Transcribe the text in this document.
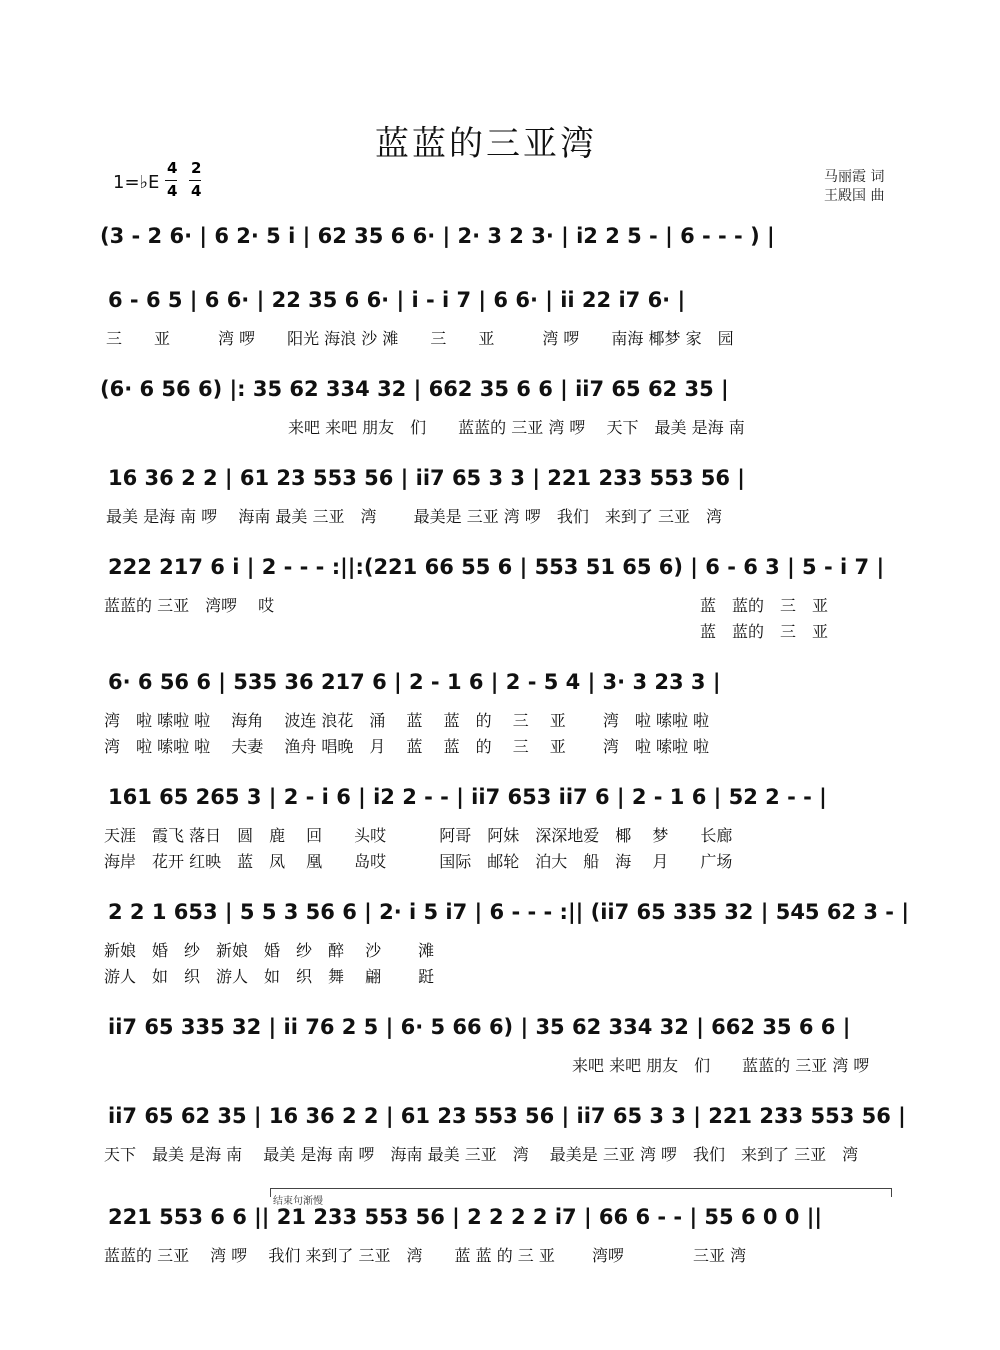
蓝蓝的三亚湾
1=♭E
4
4
2
4
马丽霞 词
王殿国 曲
(3 - 2 6· | 6 2· 5 i | 62 35 6 6· | 2· 3 2 3· | i2 2 5 - | 6 - - - ) |
6 - 6 5 | 6 6· | 22 35 6 6· | i - i 7 | 6 6· | ii 22 i7 6· |
三　　亚　　　湾 啰　　阳光 海浪 沙 滩　　三　　亚　　　湾 啰　　南海 椰梦 家　园
(6· 6 56 6) |: 35 62 334 32 | 662 35 6 6 | ii7 65 62 35 |
来吧 来吧 朋友　们　　蓝蓝的 三亚 湾 啰　 天下　最美 是海 南
16 36 2 2 | 61 23 553 56 | ii7 65 3 3 | 221 233 553 56 |
最美 是海 南 啰　 海南 最美 三亚　湾　　 最美是 三亚 湾 啰　我们　来到了 三亚　湾
222 217 6 i | 2 - - - :||:(221 66 55 6 | 553 51 65 6) | 6 - 6 3 | 5 - i 7 |
蓝蓝的 三亚　湾啰　 哎	蓝　蓝的　三　亚
蓝　蓝的　三　亚
6· 6 56 6 | 535 36 217 6 | 2 - 1 6 | 2 - 5 4 | 3· 3 23 3 |
湾　啦 嗦啦 啦　 海角　 波连 浪花　涌　 蓝　 蓝　的　 三　 亚　　 湾　啦 嗦啦 啦
湾　啦 嗦啦 啦　 夫妻　 渔舟 唱晚　月　 蓝　 蓝　的　 三　 亚　　 湾　啦 嗦啦 啦
161 65 265 3 | 2 - i 6 | i2 2 - - | ii7 653 ii7 6 | 2 - 1 6 | 52 2 - - |
天涯　霞飞 落日　圆　鹿　 回　　头哎　　　 阿哥　阿妹　深深地爱　椰　 梦　　长廊
海岸　花开 红映　蓝　凤　 凰　　岛哎　　　 国际　邮轮　泊大　船　海　 月　　广场
2 2 1 653 | 5 5 3 56 6 | 2· i 5 i7 | 6 - - - :|| (ii7 65 335 32 | 545 62 3 - |
新娘　婚　纱　新娘　婚　纱　醉　 沙　　 滩
游人　如　织　游人　如　织　舞　 翩　　 跹
ii7 65 335 32 | ii 76 2 5 | 6· 5 66 6) | 35 62 334 32 | 662 35 6 6 |
来吧 来吧 朋友　们　　蓝蓝的 三亚 湾 啰
ii7 65 62 35 | 16 36 2 2 | 61 23 553 56 | ii7 65 3 3 | 221 233 553 56 |
天下　最美 是海 南　 最美 是海 南 啰　海南 最美 三亚　湾　 最美是 三亚 湾 啰　我们　来到了 三亚　湾
结束句渐慢
221 553 6 6 || 21 233 553 56 | 2 2 2 2 i7 | 66 6 - - | 55 6 0 0 ||
蓝蓝的 三亚　 湾 啰　 我们 来到了 三亚　湾　　蓝 蓝 的 三 亚　　 湾啰　　　　 三亚 湾
